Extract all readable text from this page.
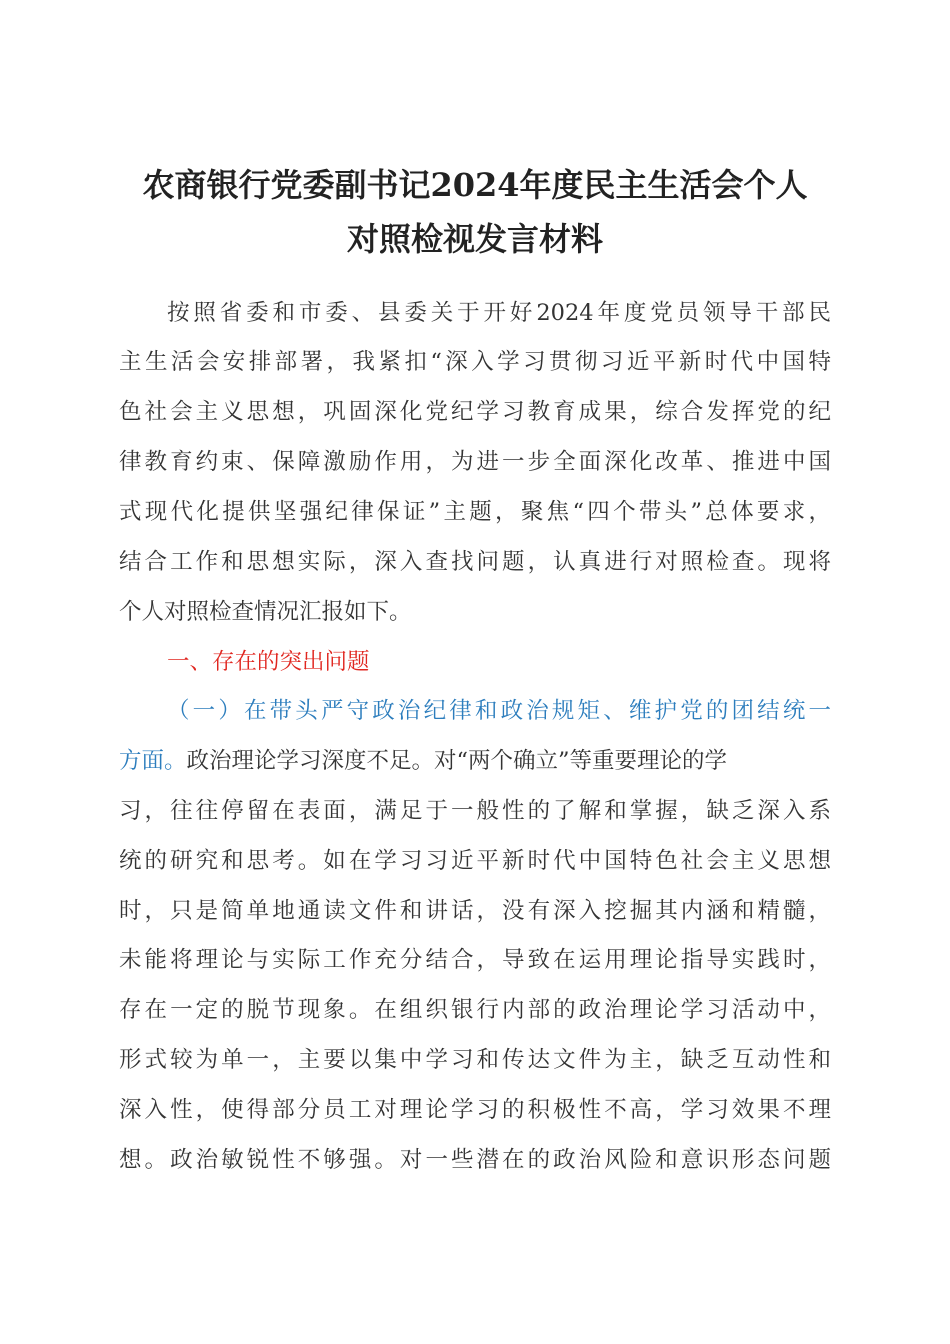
农商银行党委副书记2024年度民主生活会个人
对照检视发言材料
按照省委和市委、县委关于开好2024年度党员领导干部民
主生活会安排部署，我紧扣“深入学习贯彻习近平新时代中国特
色社会主义思想，巩固深化党纪学习教育成果，综合发挥党的纪
律教育约束、保障激励作用，为进一步全面深化改革、推进中国
式现代化提供坚强纪律保证”主题，聚焦“四个带头”总体要求，
结合工作和思想实际，深入查找问题，认真进行对照检查。现将
个人对照检查情况汇报如下。
一、存在的突出问题
（一）在带头严守政治纪律和政治规矩、维护党的团结统一
方面。政治理论学习深度不足。对“两个确立”等重要理论的学
习，往往停留在表面，满足于一般性的了解和掌握，缺乏深入系
统的研究和思考。如在学习习近平新时代中国特色社会主义思想
时，只是简单地通读文件和讲话，没有深入挖掘其内涵和精髓，
未能将理论与实际工作充分结合，导致在运用理论指导实践时，
存在一定的脱节现象。在组织银行内部的政治理论学习活动中，
形式较为单一，主要以集中学习和传达文件为主，缺乏互动性和
深入性，使得部分员工对理论学习的积极性不高，学习效果不理
想。政治敏锐性不够强。对一些潜在的政治风险和意识形态问题
